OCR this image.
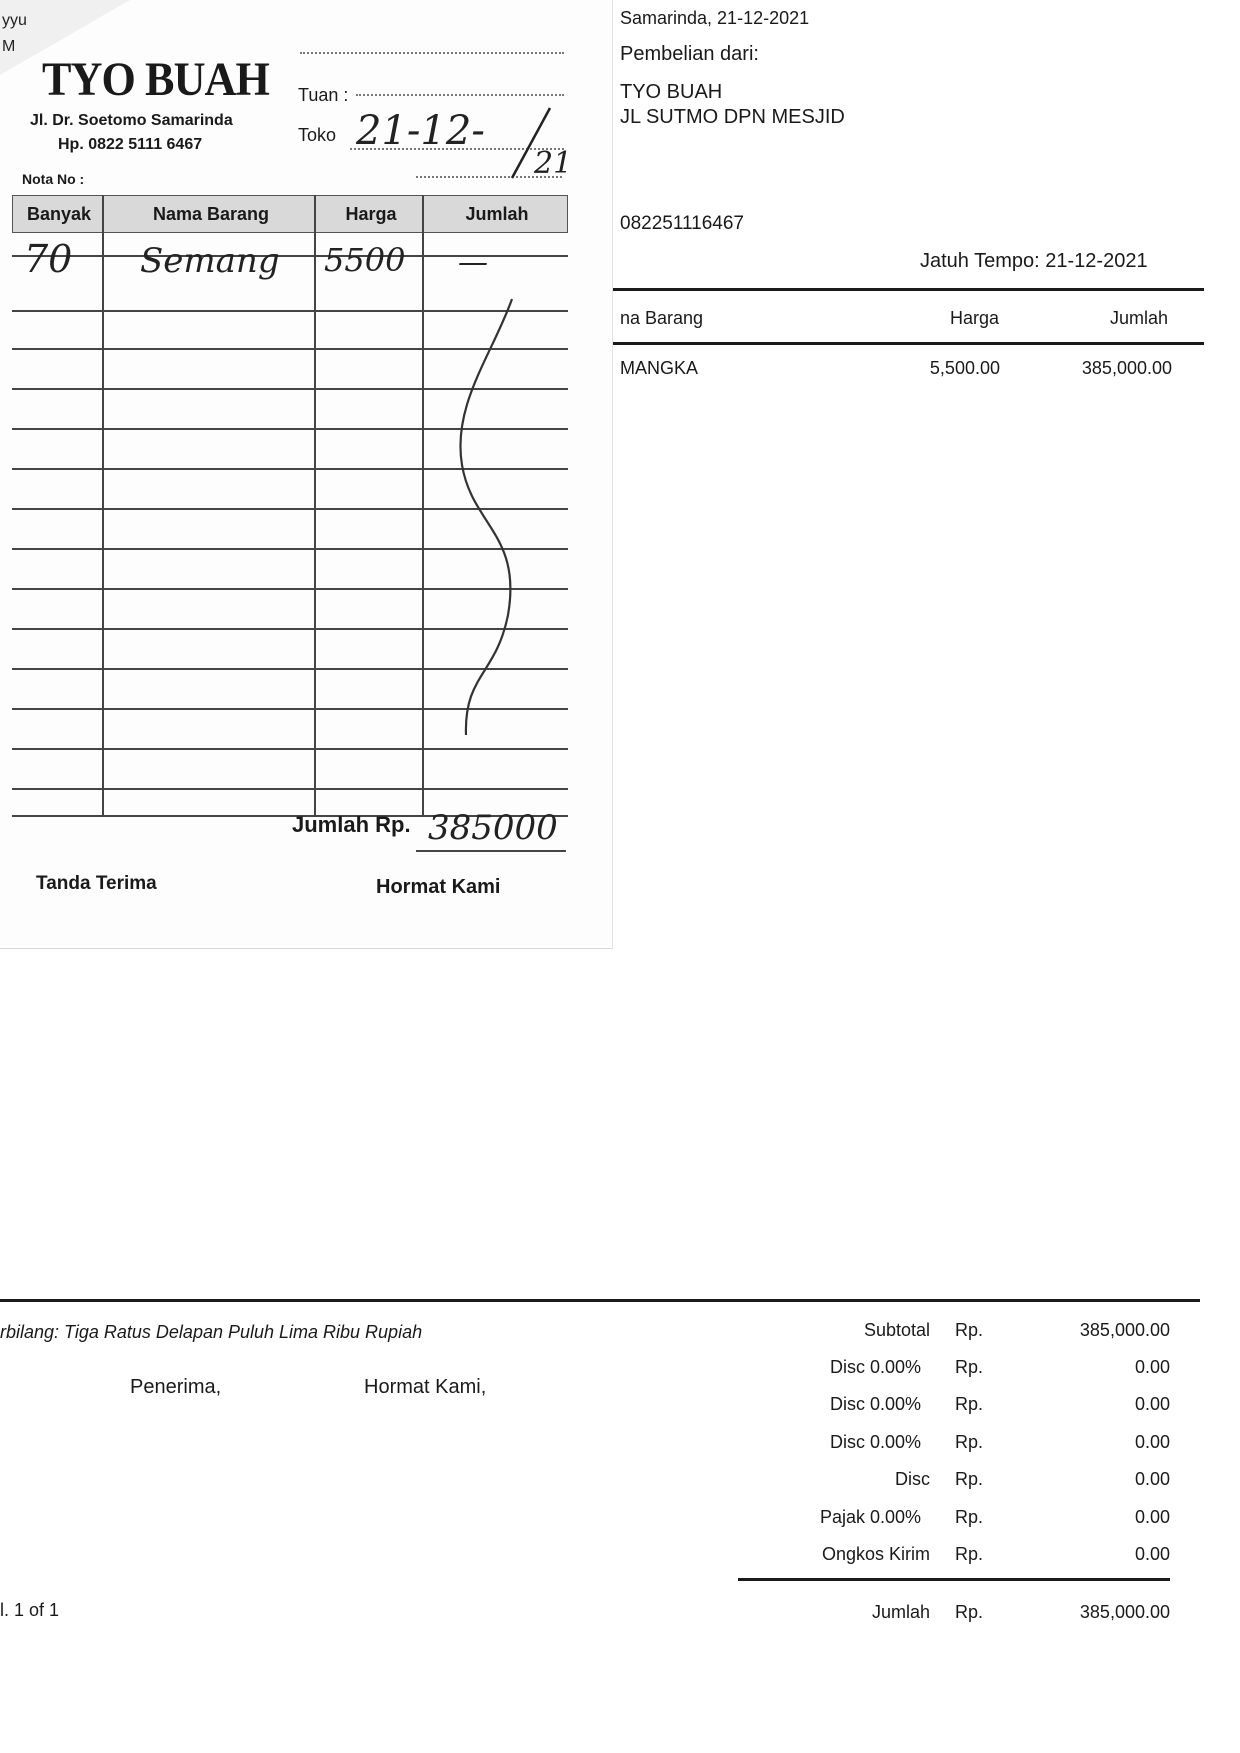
Samarinda, 21-12-2021
Pembelian dari:
TYO BUAH
JL SUTMO DPN MESJID
082251116467
Jatuh Tempo: 21-12-2021
na Barang	Harga	Jumlah
MANGKA	5,500.00	385,000.00
rbilang: Tiga Ratus Delapan Puluh Lima Ribu Rupiah
Penerima,	Hormat Kami,
l. 1 of 1
Subtotal Rp.	385,000.00
Disc 0.00% Rp.	0.00
Disc 0.00% Rp.	0.00
Disc 0.00% Rp.	0.00
Disc Rp.	0.00
Pajak 0.00% Rp.	0.00
Ongkos Kirim Rp.	0.00
Jumlah Rp.	385,000.00
yyu
M
TYO BUAH
Jl. Dr. Soetomo Samarinda
Hp. 0822 5111 6467
Nota No :
Tuan :
Toko 21-12-
21
Banyak	Nama Barang	Harga	Jumlah
70 Semang 5500 —
Jumlah Rp. 385000
Tanda Terima	Hormat Kami
